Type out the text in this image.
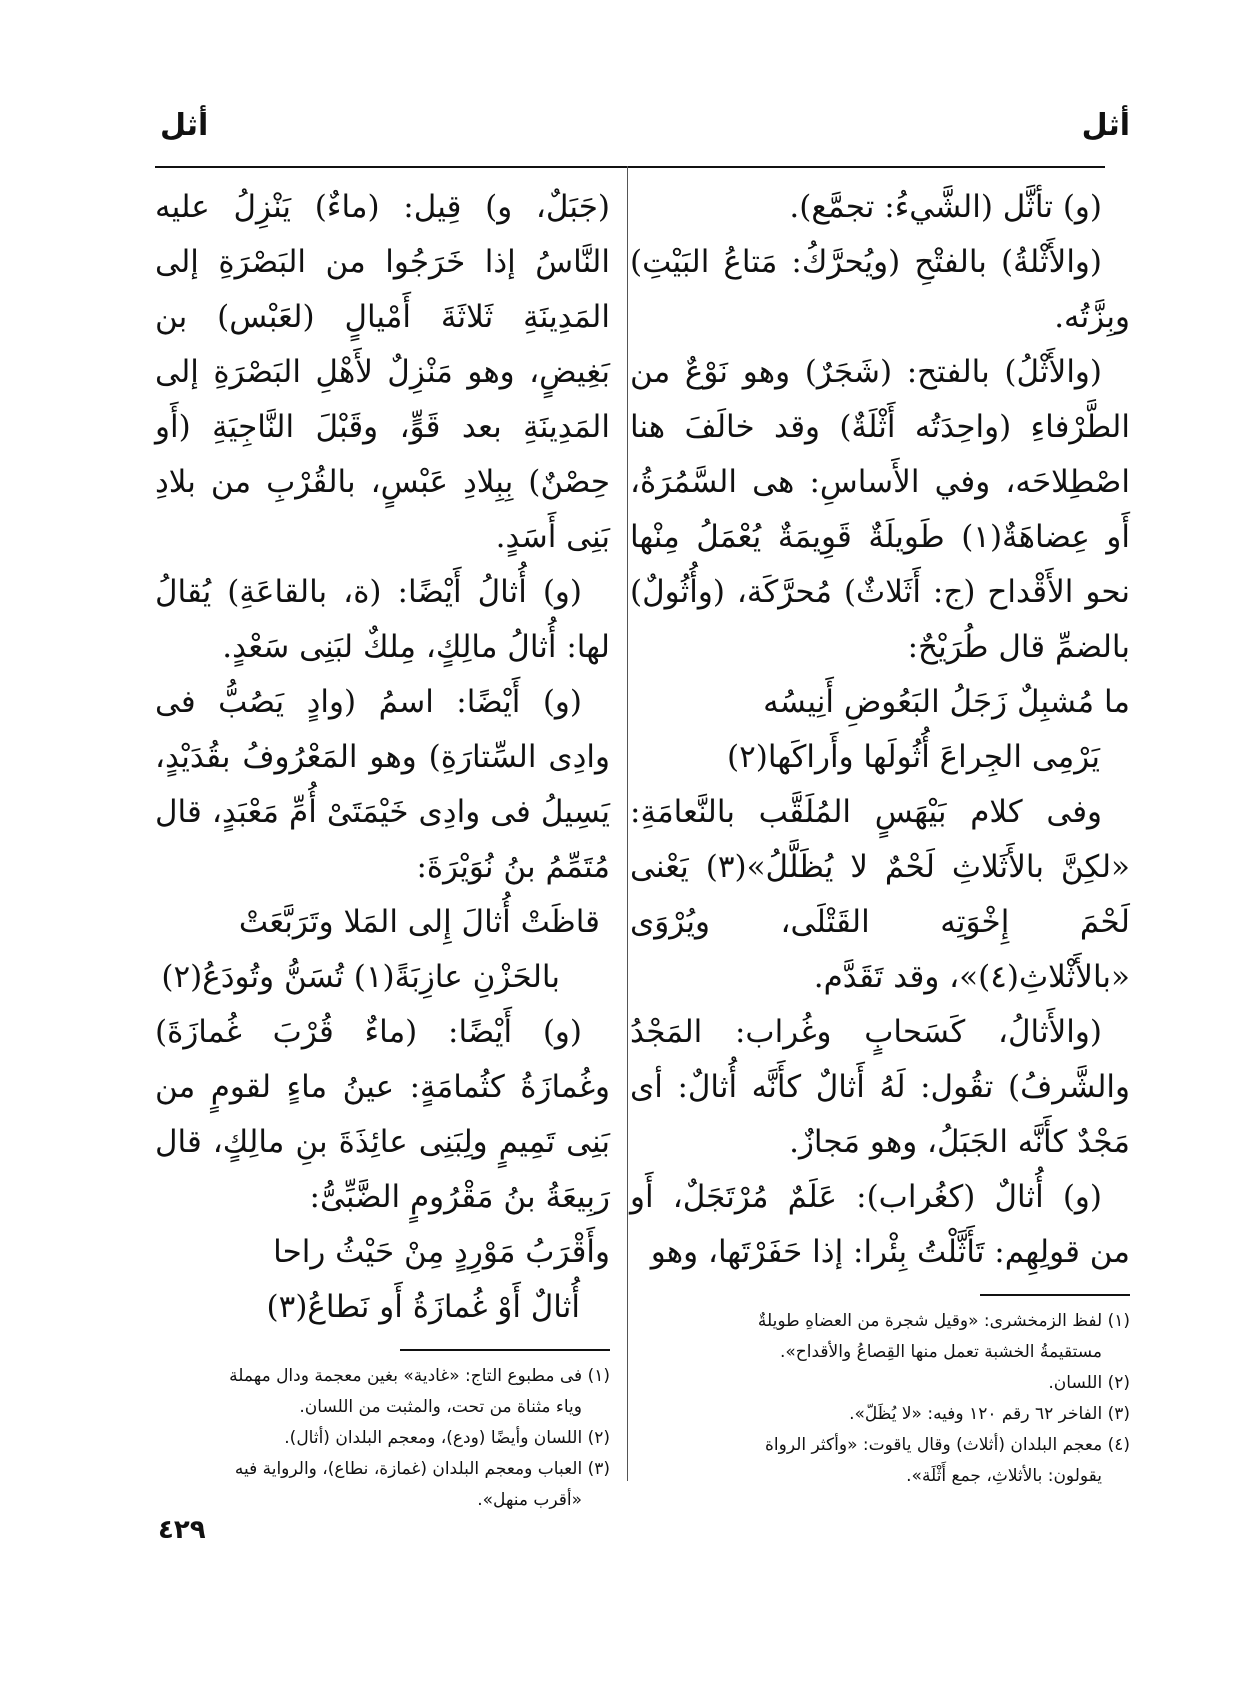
أثل
أثل

(و) تأثَّل (الشَّيءُ: تجمَّع).

(والأَثْلةُ) بالفتْحِ (ويُحرَّكُ: مَتاعُ البَيْتِ) وبِزَّتُه.

(والأَثْلُ) بالفتح: (شَجَرٌ) وهو نَوْعٌ من الطَّرْفاءِ (واحِدَتُه أَثْلَةٌ) وقد خالَفَ هنا اصْطِلاحَه، وفي الأَساسِ: هى السَّمُرَةُ، أَو عِضاهَةٌ(١) طَويلَةٌ قَوِيمَةٌ يُعْمَلُ مِنْها نحو الأَقْداح (ج: أَثَلاثٌ) مُحرَّكَة، (وأُثُولٌ) بالضمِّ قال طُرَيْحٌ:

ما مُشبِلٌ زَجَلُ البَعُوضِ أَنِيسُه

يَرْمِى الجِراعَ أُثُولَها وأَراكَها(٢)

وفى كلام بَيْهَسٍ المُلَقَّب بالنَّعامَةِ: «لكِنَّ بالأَثَلاثِ لَحْمٌ لا يُظَلَّلُ»(٣) يَعْنى لَحْمَ إِخْوَتِه القَتْلَى، ويُرْوَى «بالأَثْلاثِ(٤)»، وقد تَقَدَّم.

(والأَثالُ، كَسَحابٍ وغُراب: المَجْدُ والشَّرفُ) تقُول: لَهُ أَثالٌ كأَنَّه أُثالٌ: أى مَجْدٌ كأَنَّه الجَبَلُ، وهو مَجازٌ.

(و) أُثالٌ (كغُراب): عَلَمٌ مُرْتَجَلٌ، أَو من قولِهِم: تَأَثَّلْتُ بِئْرا: إذا حَفَرْتَها، وهو

(١) لفظ الزمخشرى: «وقيل شجرة من العضاهِ طويلةٌ
مستقيمةُ الخشبة تعمل منها القِصاعُ والأقداح».

(٢) اللسان.

(٣) الفاخر ٦٢ رقم ١٢٠ وفيه: «لا يُظَلّ».

(٤) معجم البلدان (أثلاث) وقال ياقوت: «وأكثر الرواة
يقولون: بالأثلاثِ، جمع أَثْلَة».

(جَبَلٌ، و) قِيل: (ماءٌ) يَنْزِلُ عليه النَّاسُ إذا خَرَجُوا من البَصْرَةِ إلى المَدِينَةِ ثَلاثَةَ أَمْيالٍ (لعَبْس) بن بَغِيضٍ، وهو مَنْزِلٌ لأَهْلِ البَصْرَةِ إلى المَدِينَةِ بعد قَوٍّ، وقَبْلَ النَّاجِيَةِ (أَو حِصْنٌ) بِبِلادِ عَبْسٍ، بالقُرْبِ من بلادِ بَنِى أَسَدٍ.

(و) أُثالُ أَيْضًا: (ة، بالقاعَةِ) يُقالُ لها: أُثالُ مالِكٍ، مِلكٌ لبَنِى سَعْدٍ.

(و) أَيْضًا: اسمُ (وادٍ يَصُبُّ فى وادِى السِّتارَةِ) وهو المَعْرُوفُ بقُدَيْدٍ، يَسِيلُ فى وادِى خَيْمَتَىْ أُمِّ مَعْبَدٍ، قال مُتَمِّمُ بنُ نُوَيْرَةَ:

قاظَتْ أُثالَ إِلى المَلا وتَرَبَّعَتْ

بالحَزْنِ عازِبَةً(١) تُسَنُّ وتُودَعُ(٢)

(و) أَيْضًا: (ماءٌ قُرْبَ غُمازَةَ) وغُمازَةُ كثُمامَةٍ: عينُ ماءٍ لقومٍ من بَنِى تَمِيمٍ ولِبَنِى عائِذَةَ بنِ مالِكٍ، قال رَبِيعَةُ بنُ مَقْرُومٍ الضَّبِّىُّ:

وأَقْرَبُ مَوْرِدٍ مِنْ حَيْثُ راحا

أُثالٌ أَوْ غُمازَةُ أَو نَطاعُ(٣)

(١) فى مطبوع التاج: «غادية» بغين معجمة ودال مهملة
وياء مثناة من تحت، والمثبت من اللسان.

(٢) اللسان وأيضًا (ودع)، ومعجم البلدان (أثال).

(٣) العباب ومعجم البلدان (غمازة، نطاع)، والرواية فيه
«أقرب منهل».

٤٢٩
